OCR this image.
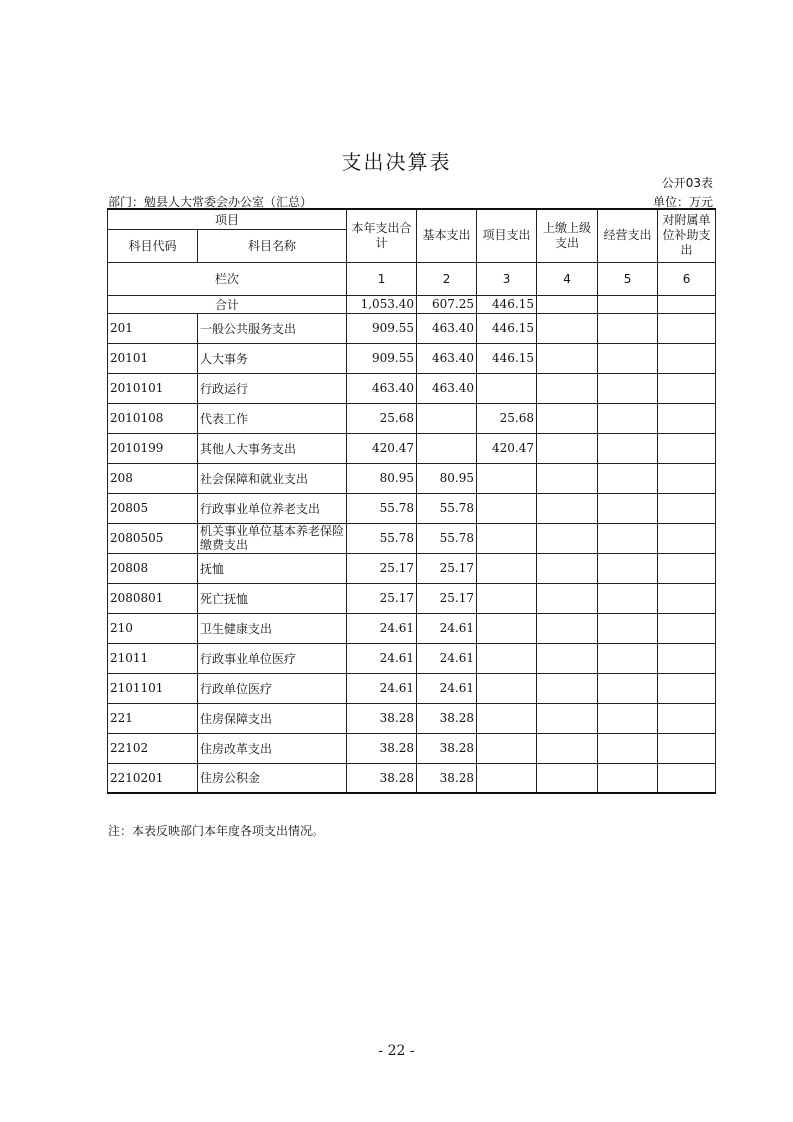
支出决算表
公开03表
部门：勉县人大常委会办公室（汇总）	单位：万元
项目		本年支出合计	基本支出	项目支出	上缴上级支出	经营支出	对附属单位补助支出
科目代码	科目名称						
栏次		1	2	3	4	5	6
合计		1,053.40	607.25	446.15			
201	一般公共服务支出	909.55	463.40	446.15			
20101	人大事务	909.55	463.40	446.15			
2010101	行政运行	463.40	463.40				
2010108	代表工作	25.68		25.68			
2010199	其他人大事务支出	420.47		420.47			
208	社会保障和就业支出	80.95	80.95				
20805	行政事业单位养老支出	55.78	55.78				
2080505	机关事业单位基本养老保险缴费支出	55.78	55.78				
20808	抚恤	25.17	25.17				
2080801	死亡抚恤	25.17	25.17				
210	卫生健康支出	24.61	24.61				
21011	行政事业单位医疗	24.61	24.61				
2101101	行政单位医疗	24.61	24.61				
221	住房保障支出	38.28	38.28				
22102	住房改革支出	38.28	38.28				
2210201	住房公积金	38.28	38.28				
注：本表反映部门本年度各项支出情况。
- 22 -
